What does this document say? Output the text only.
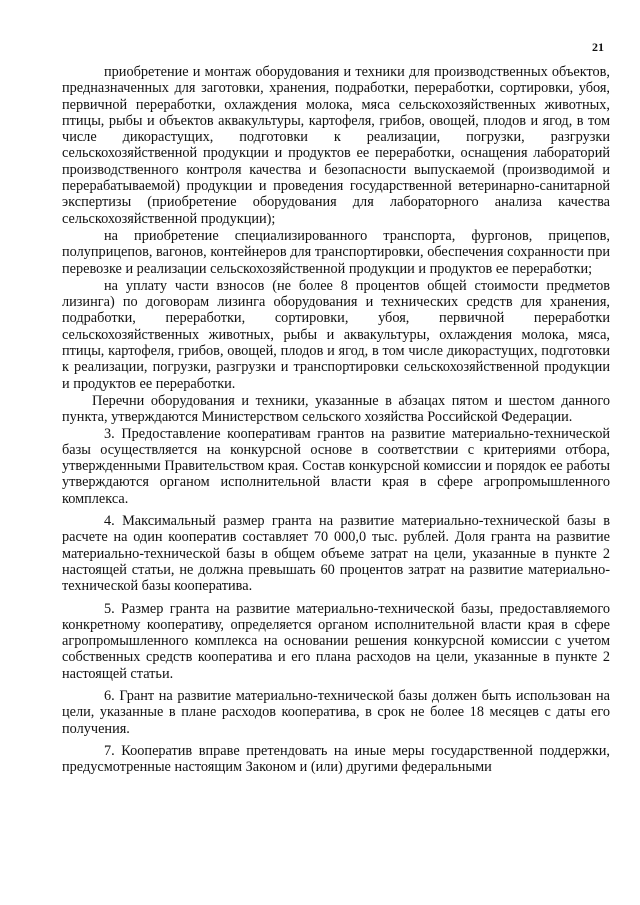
21

приобретение и монтаж оборудования и техники для производственных объектов, предназначенных для заготовки, хранения, подработки, переработки, сортировки, убоя, первичной переработки, охлаждения молока, мяса сельскохозяйственных животных, птицы, рыбы и объектов аквакультуры, картофеля, грибов, овощей, плодов и ягод, в том числе дикорастущих, подготовки к реализации, погрузки, разгрузки сельскохозяйственной продукции и продуктов ее переработки, оснащения лабораторий производственного контроля качества и безопасности выпускаемой (производимой и перерабатываемой) продукции и проведения государственной ветеринарно-санитарной экспертизы (приобретение оборудования для лабораторного анализа качества сельскохозяйственной продукции);

на приобретение специализированного транспорта, фургонов, прицепов, полуприцепов, вагонов, контейнеров для транспортировки, обеспечения сохранности при перевозке и реализации сельскохозяйственной продукции и продуктов ее переработки;

на уплату части взносов (не более 8 процентов общей стоимости предметов лизинга) по договорам лизинга оборудования и технических средств для хранения, подработки, переработки, сортировки, убоя, первичной переработки сельскохозяйственных животных, рыбы и аквакультуры, охлаждения молока, мяса, птицы, картофеля, грибов, овощей, плодов и ягод, в том числе дикорастущих, подготовки к реализации, погрузки, разгрузки и транспортировки сельскохозяйственной продукции и продуктов ее переработки.

Перечни оборудования и техники, указанные в абзацах пятом и шестом данного пункта, утверждаются Министерством сельского хозяйства Российской Федерации.

3. Предоставление кооперативам грантов на развитие материально-технической базы осуществляется на конкурсной основе в соответствии с критериями отбора, утвержденными Правительством края. Состав конкурсной комиссии и порядок ее работы утверждаются органом исполнительной власти края в сфере агропромышленного комплекса.

4. Максимальный размер гранта на развитие материально-технической базы в расчете на один кооператив составляет 70 000,0 тыс. рублей. Доля гранта на развитие материально-технической базы в общем объеме затрат на цели, указанные в пункте 2 настоящей статьи, не должна превышать 60 процентов затрат на развитие материально-технической базы кооператива.

5. Размер гранта на развитие материально-технической базы, предоставляемого конкретному кооперативу, определяется органом исполнительной власти края в сфере агропромышленного комплекса на основании решения конкурсной комиссии с учетом собственных средств кооператива и его плана расходов на цели, указанные в пункте 2 настоящей статьи.

6. Грант на развитие материально-технической базы должен быть использован на цели, указанные в плане расходов кооператива, в срок не более 18 месяцев с даты его получения.

7. Кооператив вправе претендовать на иные меры государственной поддержки, предусмотренные настоящим Законом и (или) другими федеральными
